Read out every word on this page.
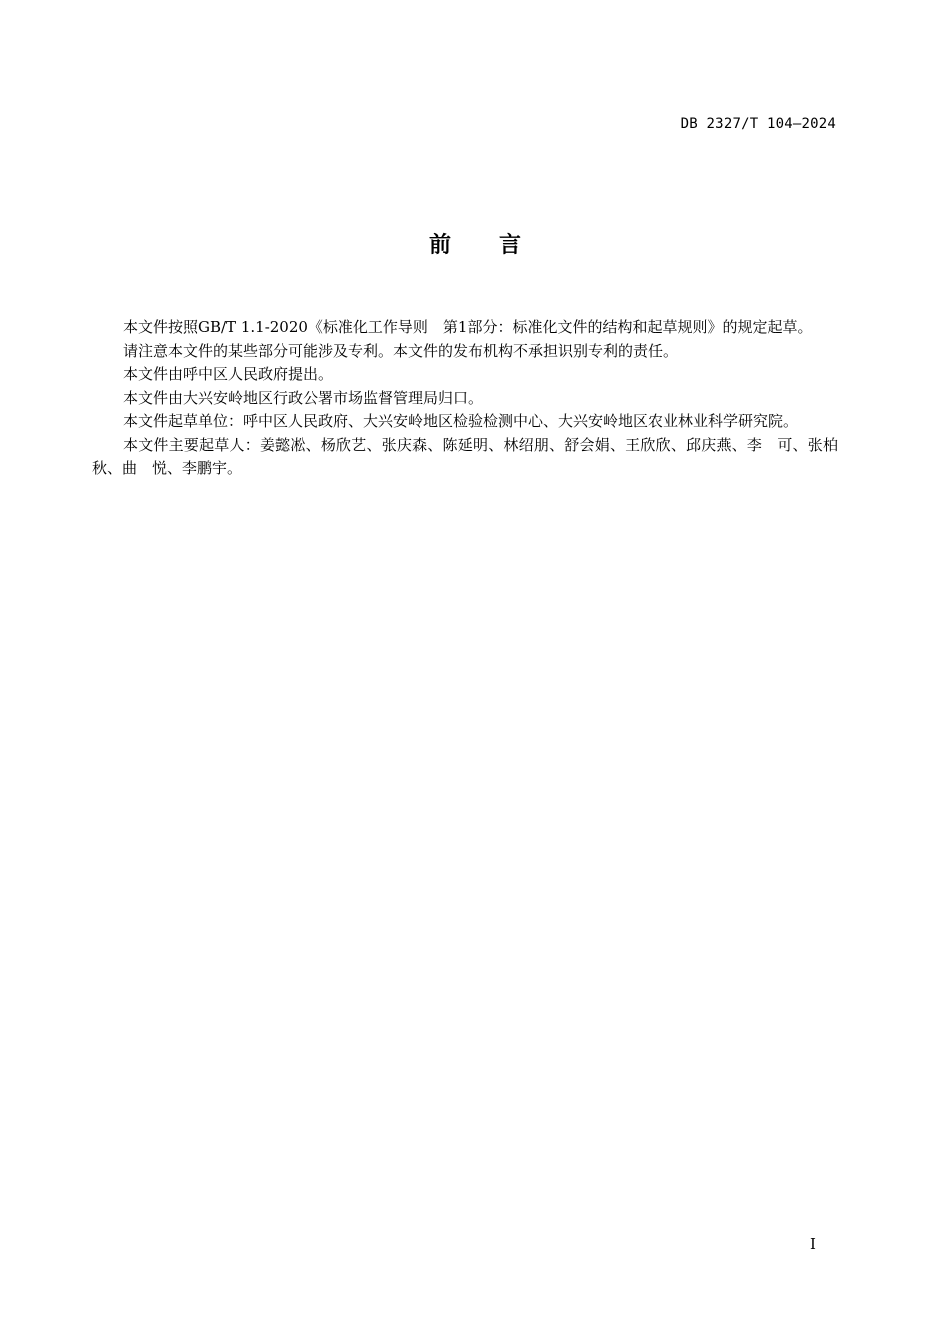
DB 2327/T 104—2024
前 言

本文件按照GB/T 1.1-2020《标准化工作导则　第1部分：标准化文件的结构和起草规则》的规定起草。

请注意本文件的某些部分可能涉及专利。本文件的发布机构不承担识别专利的责任。

本文件由呼中区人民政府提出。

本文件由大兴安岭地区行政公署市场监督管理局归口。

本文件起草单位：呼中区人民政府、大兴安岭地区检验检测中心、大兴安岭地区农业林业科学研究院。

本文件主要起草人：姜懿凇、杨欣艺、张庆森、陈延明、林绍朋、舒会娟、王欣欣、邱庆燕、李　可、张柏秋、曲　悦、李鹏宇。

I
